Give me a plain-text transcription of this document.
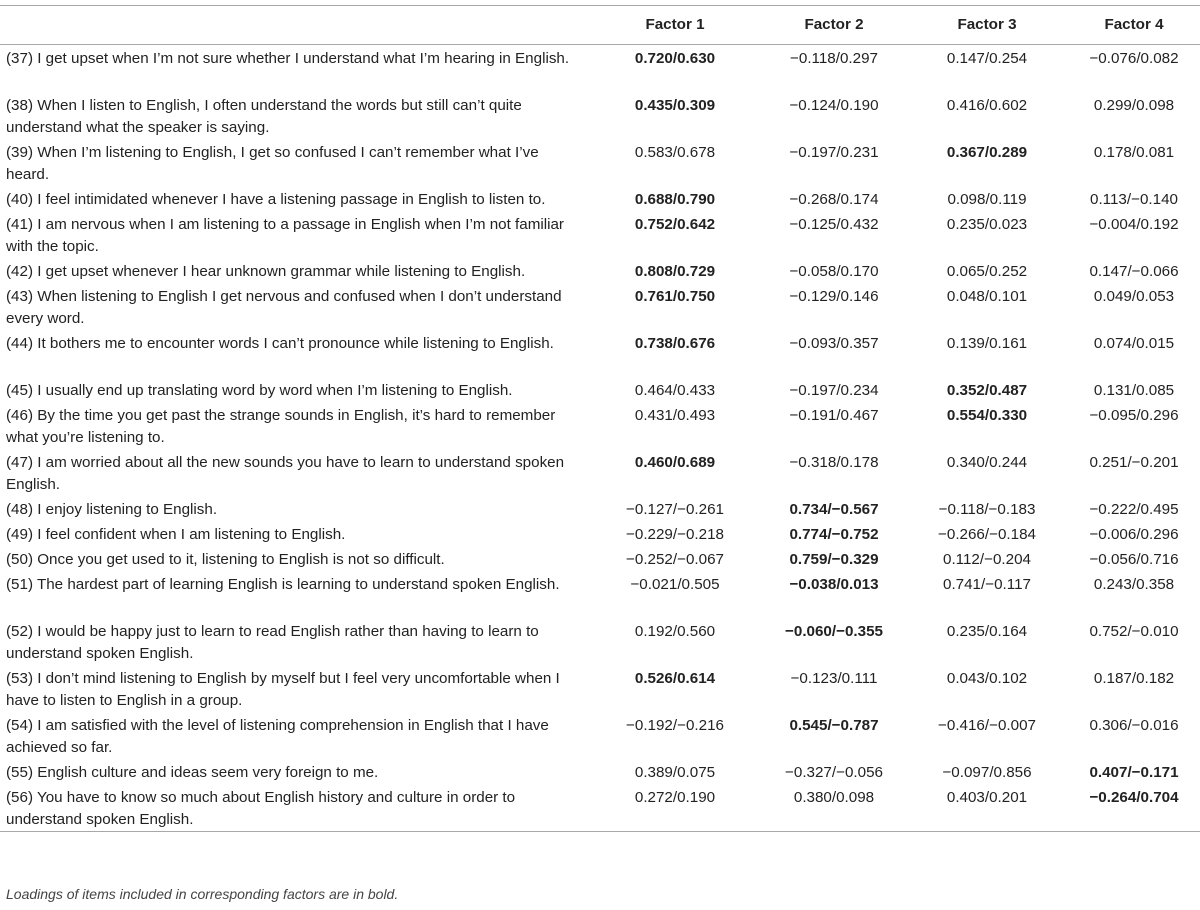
	Factor 1	Factor 2	Factor 3	Factor 4
(37) I get upset when I’m not sure whether I understand what I’m hearing in English.	0.720/0.630	−0.118/0.297	0.147/0.254	−0.076/0.082
(38) When I listen to English, I often understand the words but still can’t quite understand what the speaker is saying.	0.435/0.309	−0.124/0.190	0.416/0.602	0.299/0.098
(39) When I’m listening to English, I get so confused I can’t remember what I’ve heard.	0.583/0.678	−0.197/0.231	0.367/0.289	0.178/0.081
(40) I feel intimidated whenever I have a listening passage in English to listen to.	0.688/0.790	−0.268/0.174	0.098/0.119	0.113/−0.140
(41) I am nervous when I am listening to a passage in English when I’m not familiar with the topic.	0.752/0.642	−0.125/0.432	0.235/0.023	−0.004/0.192
(42) I get upset whenever I hear unknown grammar while listening to English.	0.808/0.729	−0.058/0.170	0.065/0.252	0.147/−0.066
(43) When listening to English I get nervous and confused when I don’t understand every word.	0.761/0.750	−0.129/0.146	0.048/0.101	0.049/0.053
(44) It bothers me to encounter words I can’t pronounce while listening to English.	0.738/0.676	−0.093/0.357	0.139/0.161	0.074/0.015
(45) I usually end up translating word by word when I’m listening to English.	0.464/0.433	−0.197/0.234	0.352/0.487	0.131/0.085
(46) By the time you get past the strange sounds in English, it’s hard to remember what you’re listening to.	0.431/0.493	−0.191/0.467	0.554/0.330	−0.095/0.296
(47) I am worried about all the new sounds you have to learn to understand spoken English.	0.460/0.689	−0.318/0.178	0.340/0.244	0.251/−0.201
(48) I enjoy listening to English.	−0.127/−0.261	0.734/−0.567	−0.118/−0.183	−0.222/0.495
(49) I feel confident when I am listening to English.	−0.229/−0.218	0.774/−0.752	−0.266/−0.184	−0.006/0.296
(50) Once you get used to it, listening to English is not so difficult.	−0.252/−0.067	0.759/−0.329	0.112/−0.204	−0.056/0.716
(51) The hardest part of learning English is learning to understand spoken English.	−0.021/0.505	−0.038/0.013	0.741/−0.117	0.243/0.358
(52) I would be happy just to learn to read English rather than having to learn to understand spoken English.	0.192/0.560	−0.060/−0.355	0.235/0.164	0.752/−0.010
(53) I don’t mind listening to English by myself but I feel very uncomfortable when I have to listen to English in a group.	0.526/0.614	−0.123/0.111	0.043/0.102	0.187/0.182
(54) I am satisfied with the level of listening comprehension in English that I have achieved so far.	−0.192/−0.216	0.545/−0.787	−0.416/−0.007	0.306/−0.016
(55) English culture and ideas seem very foreign to me.	0.389/0.075	−0.327/−0.056	−0.097/0.856	0.407/−0.171
(56) You have to know so much about English history and culture in order to understand spoken English.	0.272/0.190	0.380/0.098	0.403/0.201	−0.264/0.704
Loadings of items included in corresponding factors are in bold.
